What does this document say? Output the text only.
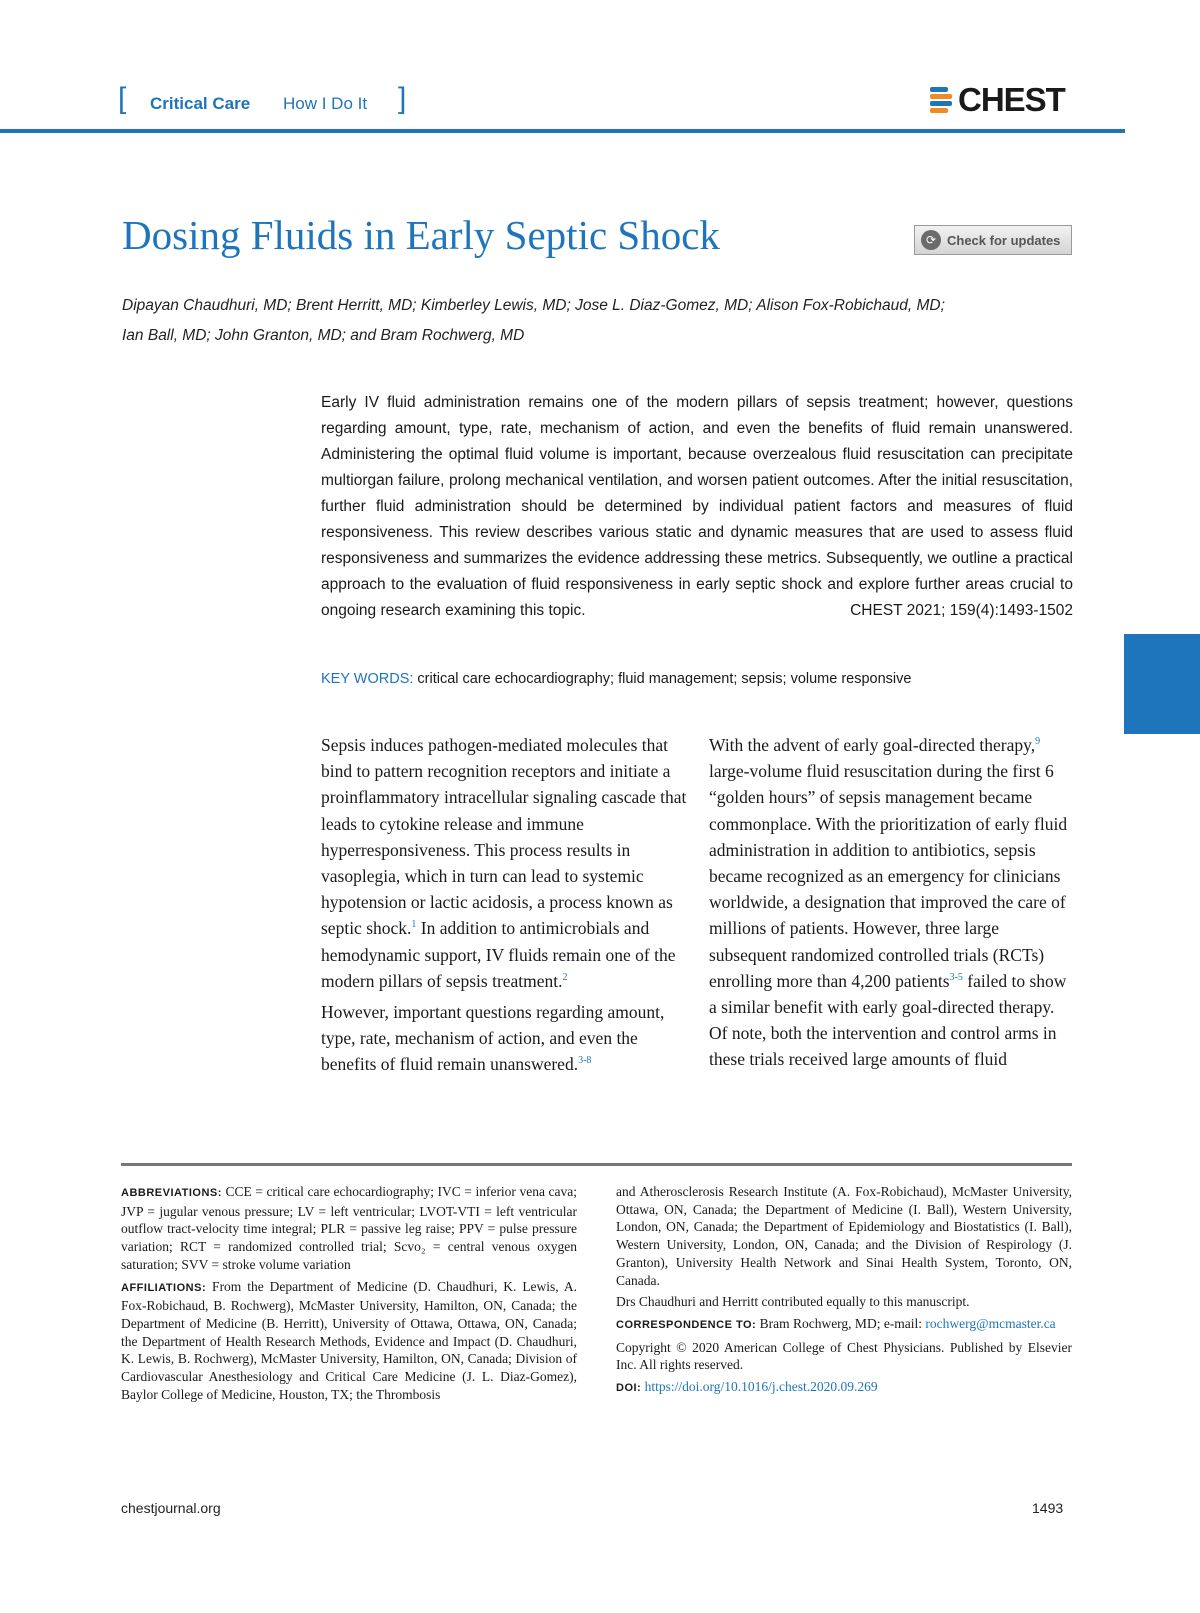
[ Critical Care How I Do It ]	CHEST
Dosing Fluids in Early Septic Shock	⟳ Check for updates
Dipayan Chaudhuri, MD; Brent Herritt, MD; Kimberley Lewis, MD; Jose L. Diaz-Gomez, MD; Alison Fox-Robichaud, MD;
Ian Ball, MD; John Granton, MD; and Bram Rochwerg, MD
Early IV fluid administration remains one of the modern pillars of sepsis treatment; however, questions regarding amount, type, rate, mechanism of action, and even the benefits of fluid remain unanswered. Administering the optimal fluid volume is important, because overzealous fluid resuscitation can precipitate multiorgan failure, prolong mechanical ventilation, and worsen patient outcomes. After the initial resuscitation, further fluid administration should be determined by individual patient factors and measures of fluid responsiveness. This review describes various static and dynamic measures that are used to assess fluid responsiveness and summarizes the evidence addressing these metrics. Subsequently, we outline a practical approach to the evaluation of fluid responsiveness in early septic shock and explore further areas crucial to ongoing research examining this topic.	CHEST 2021; 159(4):1493-1502
KEY WORDS: critical care echocardiography; fluid management; sepsis; volume responsive

Sepsis induces pathogen-mediated molecules that bind to pattern recognition receptors and initiate a proinflammatory intracellular signaling cascade that leads to cytokine release and immune hyperresponsiveness. This process results in vasoplegia, which in turn can lead to systemic hypotension or lactic acidosis, a process known as septic shock.$^1$ In addition to antimicrobials and hemodynamic support, IV fluids remain one of the modern pillars of sepsis treatment.$^2$

However, important questions regarding amount, type, rate, mechanism of action, and even the benefits of fluid remain unanswered.$^{3-8}$

With the advent of early goal-directed therapy,$^9$ large-volume fluid resuscitation during the first 6 “golden hours” of sepsis management became commonplace. With the prioritization of early fluid administration in addition to antibiotics, sepsis became recognized as an emergency for clinicians worldwide, a designation that improved the care of millions of patients. However, three large subsequent randomized controlled trials (RCTs) enrolling more than 4,200 patients$^{3-5}$ failed to show a similar benefit with early goal-directed therapy. Of note, both the intervention and control arms in these trials received large amounts of fluid

ABBREVIATIONS: CCE = critical care echocardiography; IVC = inferior vena cava; JVP = jugular venous pressure; LV = left ventricular; LVOT-VTI = left ventricular outflow tract-velocity time integral; PLR = passive leg raise; PPV = pulse pressure variation; RCT = randomized controlled trial; Scvo₂ = central venous oxygen saturation; SVV = stroke volume variation

AFFILIATIONS: From the Department of Medicine (D. Chaudhuri, K. Lewis, A. Fox-Robichaud, B. Rochwerg), McMaster University, Hamilton, ON, Canada; the Department of Medicine (B. Herritt), University of Ottawa, Ottawa, ON, Canada; the Department of Health Research Methods, Evidence and Impact (D. Chaudhuri, K. Lewis, B. Rochwerg), McMaster University, Hamilton, ON, Canada; Division of Cardiovascular Anesthesiology and Critical Care Medicine (J. L. Diaz-Gomez), Baylor College of Medicine, Houston, TX; the Thrombosis

and Atherosclerosis Research Institute (A. Fox-Robichaud), McMaster University, Ottawa, ON, Canada; the Department of Medicine (I. Ball), Western University, London, ON, Canada; the Department of Epidemiology and Biostatistics (I. Ball), Western University, London, ON, Canada; and the Division of Respirology (J. Granton), University Health Network and Sinai Health System, Toronto, ON, Canada.

Drs Chaudhuri and Herritt contributed equally to this manuscript.

CORRESPONDENCE TO: Bram Rochwerg, MD; e-mail: rochwerg@mcmaster.ca

Copyright © 2020 American College of Chest Physicians. Published by Elsevier Inc. All rights reserved.

DOI: https://doi.org/10.1016/j.chest.2020.09.269

chestjournal.org	1493
